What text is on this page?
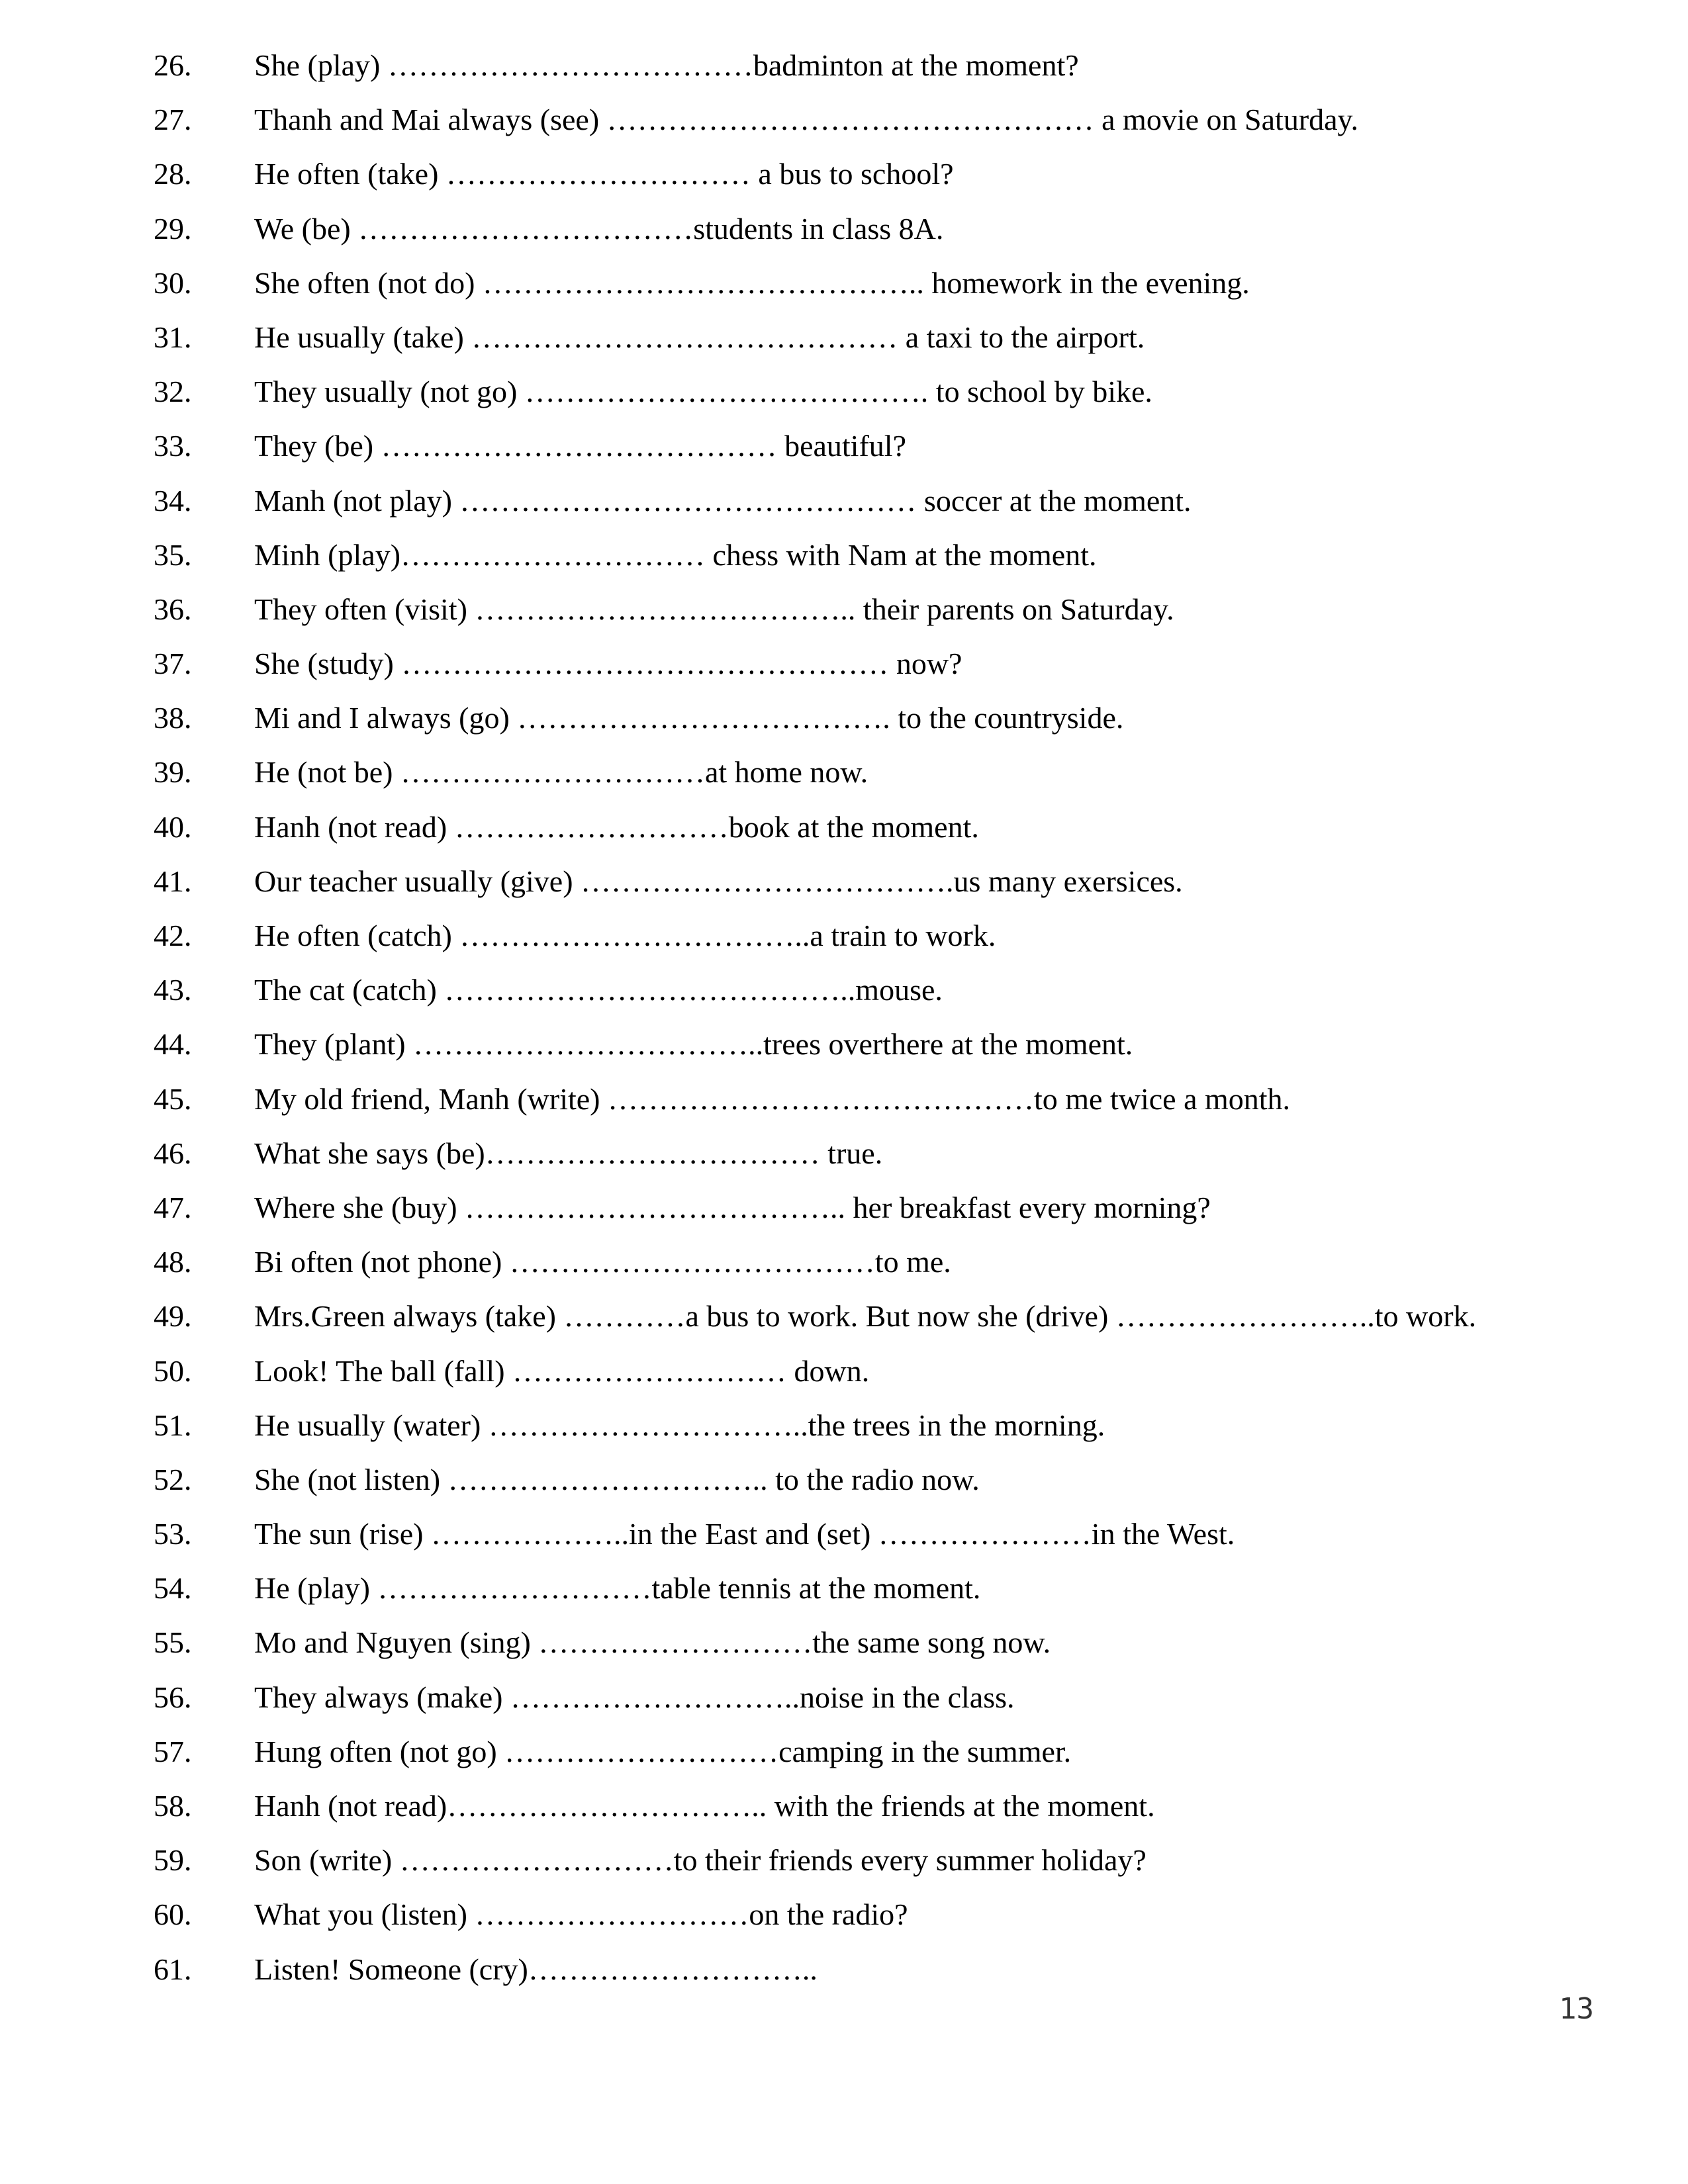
26. She (play) ………………………………badminton at the moment?
27. Thanh and Mai always (see) ………………………………………… a movie on Saturday.
28. He often (take) ………………………… a bus to school?
29. We (be) ……………………………students in class 8A.
30. She often (not do) …………………………………….. homework in the evening.
31. He usually (take) …………………………………… a taxi to the airport.
32. They usually (not go) …………………………………. to school by bike.
33. They (be) ………………………………… beautiful?
34. Manh (not play) ……………………………………… soccer at the moment.
35. Minh (play)………………………… chess with Nam at the moment.
36. They often (visit) ……………………………….. their parents on Saturday.
37. She (study) ………………………………………… now?
38. Mi and I always (go) ………………………………. to the countryside.
39. He (not be) …………………………at home now.
40. Hanh (not read) ………………………book at the moment.
41. Our teacher usually (give) ……………………………….us many exersices.
42. He often (catch) ……………………………..a train to work.
43. The cat (catch) …………………………………..mouse.
44. They (plant) ……………………………..trees overthere at the moment.
45. My old friend, Manh (write) ……………………………………to me twice a month.
46. What she says (be)…………………………… true.
47. Where she (buy) ……………………………….. her breakfast every morning?
48. Bi often (not phone) ………………………………to me.
49. Mrs.Green always (take) …………a bus to work. But now she (drive) ……………………..to work.
50. Look! The ball (fall) ……………………… down.
51. He usually (water) …………………………..the trees in the morning.
52. She (not listen) ………………………….. to the radio now.
53. The sun (rise) ………………..in the East and (set) …………………in the West.
54. He (play) ………………………table tennis at the moment.
55. Mo and Nguyen (sing) ………………………the same song now.
56. They always (make) ………………………..noise in the class.
57. Hung often (not go) ………………………camping in the summer.
58. Hanh (not read)………………………….. with the friends at the moment.
59. Son (write) ………………………to their friends every summer holiday?
60. What you (listen) ………………………on the radio?
61. Listen! Someone (cry)………………………..
13
